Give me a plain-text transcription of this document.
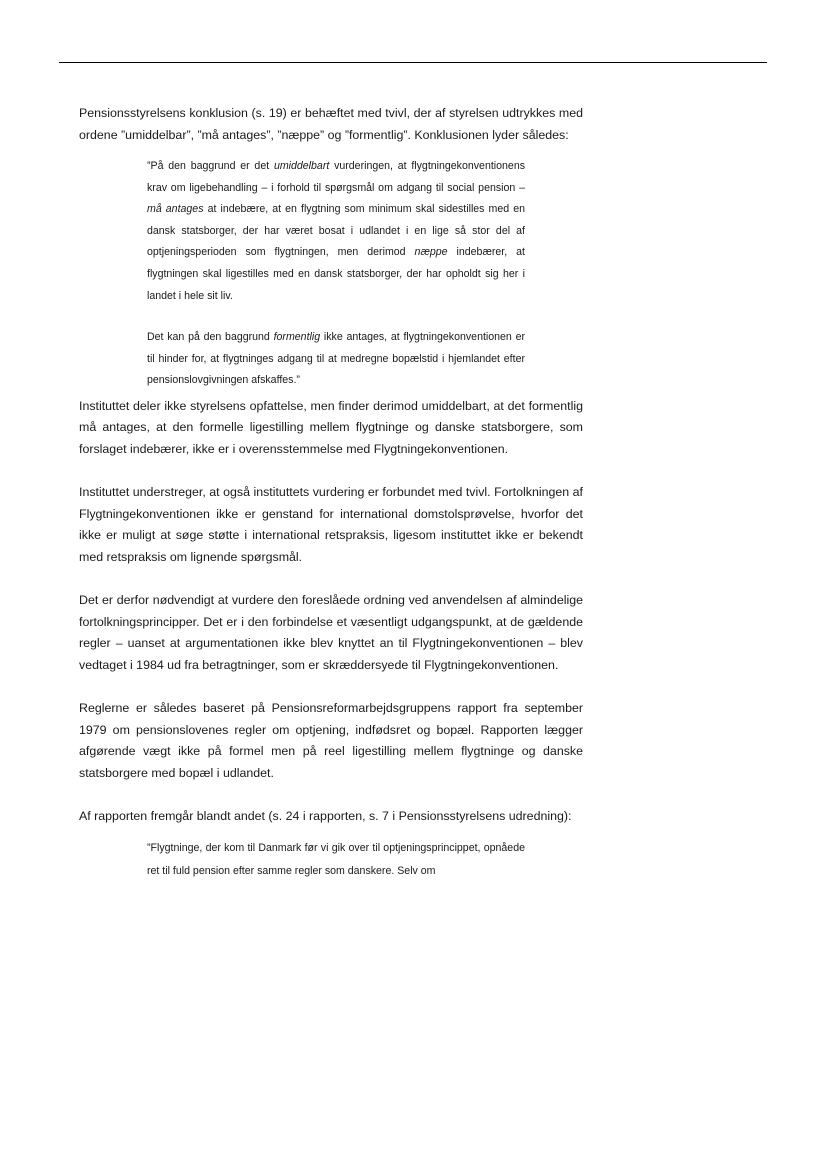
Pensionsstyrelsens konklusion (s. 19) er behæftet med tvivl, der af styrelsen udtrykkes med ordene ”umiddelbar”, ”må antages”, ”næppe” og ”formentlig”. Konklusionen lyder således:

”På den baggrund er det umiddelbart vurderingen, at flygtningekonventionens krav om ligebehandling – i forhold til spørgsmål om adgang til social pension – må antages at indebære, at en flygtning som minimum skal sidestilles med en dansk statsborger, der har været bosat i udlandet i en lige så stor del af optjeningsperioden som flygtningen, men derimod næppe indebærer, at flygtningen skal ligestilles med en dansk statsborger, der har opholdt sig her i landet i hele sit liv.

Det kan på den baggrund formentlig ikke antages, at flygtningekonventionen er til hinder for, at flygtninges adgang til at medregne bopælstid i hjemlandet efter pensionslovgivningen afskaffes.”

Instituttet deler ikke styrelsens opfattelse, men finder derimod umiddelbart, at det formentlig må antages, at den formelle ligestilling mellem flygtninge og danske statsborgere, som forslaget indebærer, ikke er i overensstemmelse med Flygtningekonventionen.

Instituttet understreger, at også instituttets vurdering er forbundet med tvivl. Fortolkningen af Flygtningekonventionen ikke er genstand for international domstolsprøvelse, hvorfor det ikke er muligt at søge støtte i international retspraksis, ligesom instituttet ikke er bekendt med retspraksis om lignende spørgsmål.

Det er derfor nødvendigt at vurdere den foreslåede ordning ved anvendelsen af almindelige fortolkningsprincipper. Det er i den forbindelse et væsentligt udgangspunkt, at de gældende regler – uanset at argumentationen ikke blev knyttet an til Flygtningekonventionen – blev vedtaget i 1984 ud fra betragtninger, som er skræddersyede til Flygtningekonventionen.

Reglerne er således baseret på Pensionsreformarbejdsgruppens rapport fra september 1979 om pensionslovenes regler om optjening, indfødsret og bopæl. Rapporten lægger afgørende vægt ikke på formel men på reel ligestilling mellem flygtninge og danske statsborgere med bopæl i udlandet.

Af rapporten fremgår blandt andet (s. 24 i rapporten, s. 7 i Pensionsstyrelsens udredning):

”Flygtninge, der kom til Danmark før vi gik over til optjeningsprincippet, opnåede ret til fuld pension efter samme regler som danskere. Selv om
